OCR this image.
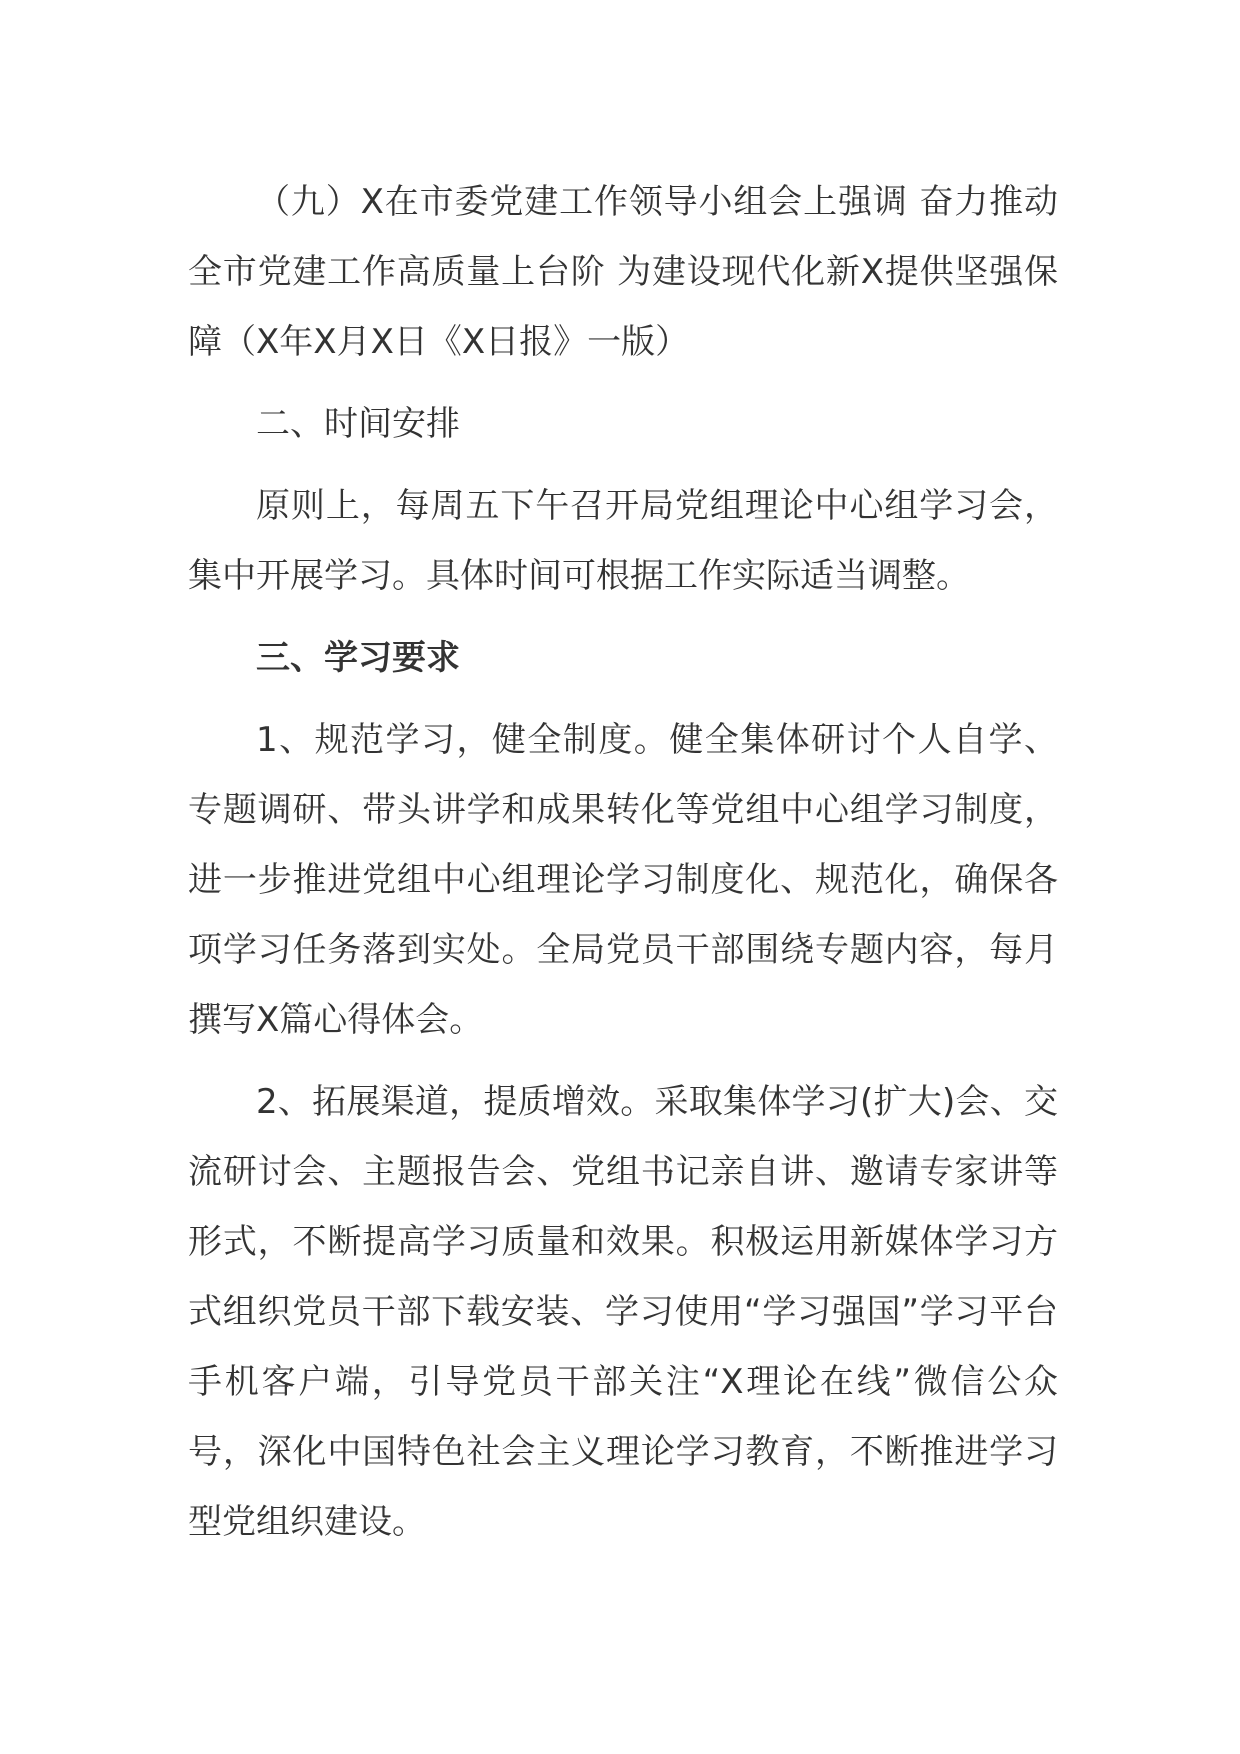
（九）X在市委党建工作领导小组会上强调 奋力推动全市党建工作高质量上台阶 为建设现代化新X提供坚强保障（X年X月X日《X日报》一版）

二、时间安排

原则上，每周五下午召开局党组理论中心组学习会，集中开展学习。具体时间可根据工作实际适当调整。

三、学习要求

1、规范学习，健全制度。健全集体研讨个人自学、专题调研、带头讲学和成果转化等党组中心组学习制度，进一步推进党组中心组理论学习制度化、规范化，确保各项学习任务落到实处。全局党员干部围绕专题内容，每月撰写X篇心得体会。

2、拓展渠道，提质增效。采取集体学习(扩大)会、交流研讨会、主题报告会、党组书记亲自讲、邀请专家讲等形式，不断提高学习质量和效果。积极运用新媒体学习方式组织党员干部下载安装、学习使用“学习强国”学习平台手机客户端，引导党员干部关注“X理论在线”微信公众号，深化中国特色社会主义理论学习教育，不断推进学习型党组织建设。
